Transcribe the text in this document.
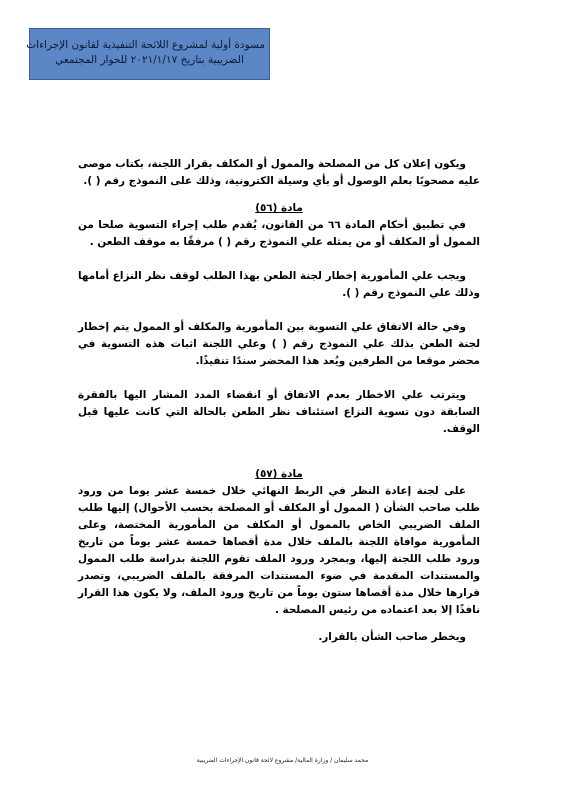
مسودة أولية لمشروع اللائحة التنفيذية لقانون الإجراءات
الضريبية بتاريخ ٢٠٢١/١/١٧ للحوار المجتمعي

ويكون إعلان كل من المصلحة والممول أو المكلف بقرار اللجنة، بكتاب موصى عليه مصحوبًا بعلم الوصول أو بأي وسيلة الكترونية، وذلك على النموذج رقم ( ).

مادة (٥٦)

في تطبيق أحكام المادة ٦٦ من القانون، يُقدم طلب إجراء التسوية صلحا من الممول أو المكلف أو من يمثله علي النموذج رقم ( ) مرفقًا به موقف الطعن .

ويجب علي المأمورية إخطار لجنة الطعن بهذا الطلب لوقف نظر النزاع أمامها وذلك علي النموذج رقم ( ).

وفي حالة الاتفاق علي التسوية بين المأمورية والمكلف أو الممول يتم إخطار لجنة الطعن بذلك علي النموذج رقم ( ) وعلي اللجنة اثبات هذه التسوية في محضر موقعا من الطرفين ويُعد هذا المحضر سندًا تنفيذًا.

ويترتب علي الاخطار بعدم الاتفاق أو انقضاء المدد المشار اليها بالفقرة السابقة دون تسوية النزاع استئناف نظر الطعن بالحالة التي كانت عليها قبل الوقف.

مادة (٥٧)

على لجنة إعادة النظر في الربط النهائي خلال خمسة عشر يوما من ورود طلب صاحب الشأن ( الممول أو المكلف أو المصلحة بحسب الأحوال) إليها طلب الملف الضريبي الخاص بالممول أو المكلف من المأمورية المختصة، وعلى المأمورية موافاة اللجنة بالملف خلال مدة أقصاها خمسة عشر يوماً من تاريخ ورود طلب اللجنة إليها، وبمجرد ورود الملف تقوم اللجنة بدراسة طلب الممول والمستندات المقدمة في ضوء المستندات المرفقة بالملف الضريبي، وتصدر قرارها خلال مدة أقصاها ستون يوماً من تاريخ ورود الملف، ولا يكون هذا القرار نافذًا إلا بعد اعتماده من رئيس المصلحة .

ويخطر صاحب الشأن بالقرار.

محمد سليمان / وزارة المالية/ مشروع لائحة قانون الإجراءات الضريبية
